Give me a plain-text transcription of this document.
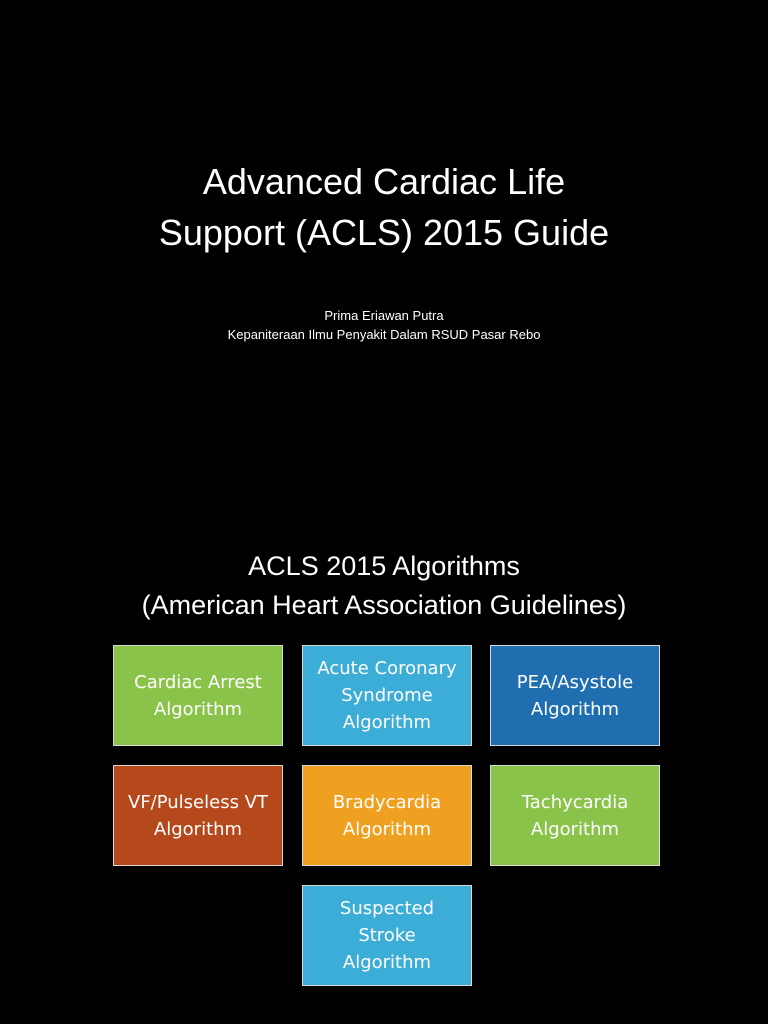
Advanced Cardiac Life
Support (ACLS) 2015 Guide
Prima Eriawan Putra
Kepaniteraan Ilmu Penyakit Dalam RSUD Pasar Rebo
ACLS 2015 Algorithms
(American Heart Association Guidelines)
Cardiac Arrest
Algorithm
Acute Coronary
Syndrome
Algorithm
PEA/Asystole
Algorithm
VF/Pulseless VT
Algorithm
Bradycardia
Algorithm
Tachycardia
Algorithm
Suspected
Stroke
Algorithm
